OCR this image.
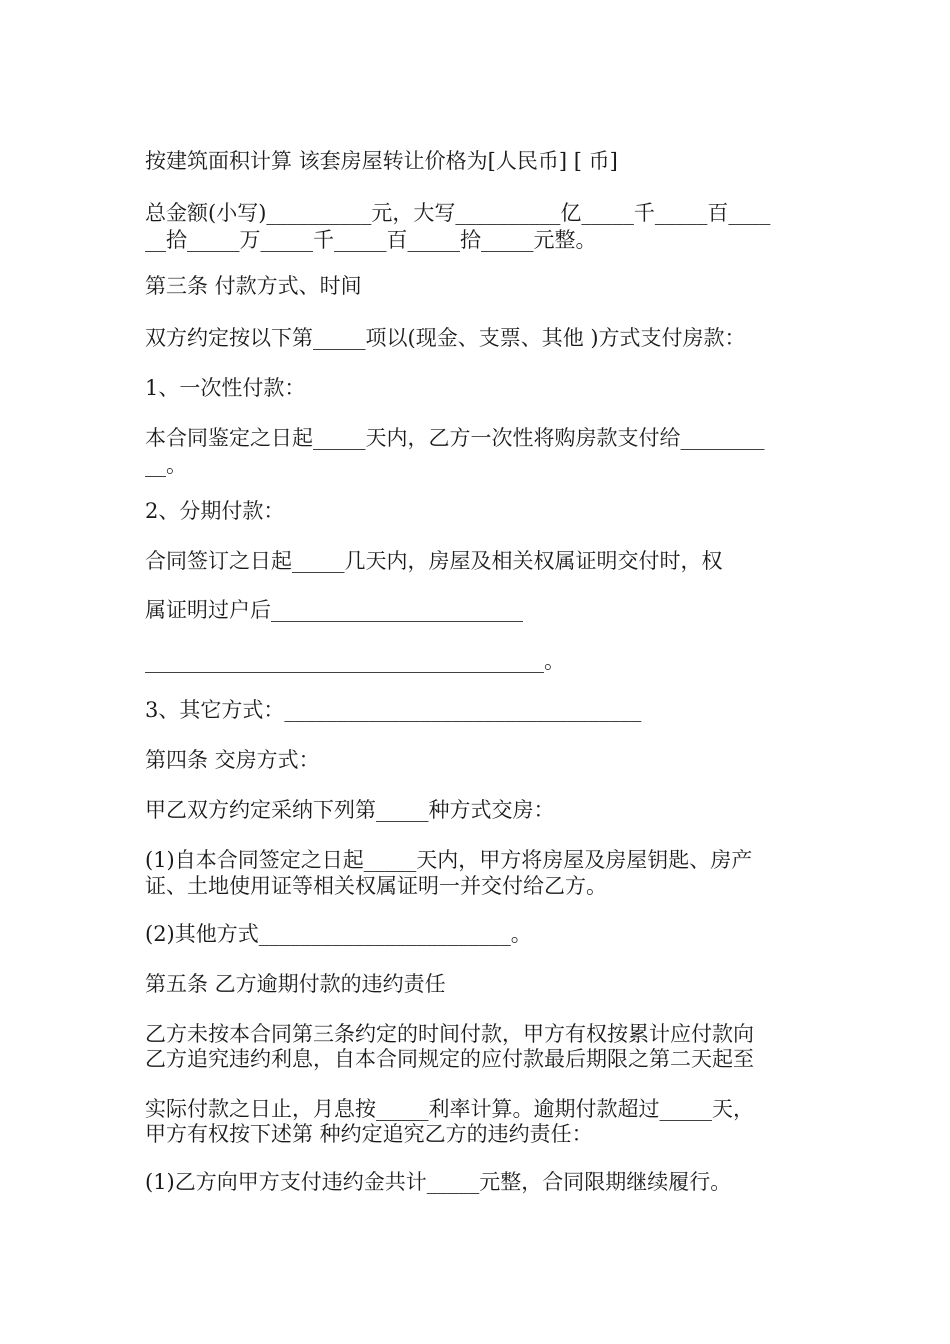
按建筑面积计算 该套房屋转让价格为[人民币] [ 币]
总金额(小写)__________元，大写__________亿_____千_____百____
__拾_____万_____千_____百_____拾_____元整。
第三条 付款方式、时间
双方约定按以下第_____项以(现金、支票、其他 )方式支付房款：
1、一次性付款：
本合同鉴定之日起_____天内，乙方一次性将购房款支付给________
__。
2、分期付款：
合同签订之日起_____几天内，房屋及相关权属证明交付时，权
属证明过户后________________________
______________________________________。
3、其它方式：__________________________________
第四条 交房方式：
甲乙双方约定采纳下列第_____种方式交房：
(1)自本合同签定之日起_____天内，甲方将房屋及房屋钥匙、房产
证、土地使用证等相关权属证明一并交付给乙方。
(2)其他方式________________________。
第五条 乙方逾期付款的违约责任
乙方未按本合同第三条约定的时间付款，甲方有权按累计应付款向
乙方追究违约利息，自本合同规定的应付款最后期限之第二天起至
实际付款之日止，月息按_____利率计算。逾期付款超过_____天，
甲方有权按下述第 种约定追究乙方的违约责任：
(1)乙方向甲方支付违约金共计_____元整，合同限期继续履行。
